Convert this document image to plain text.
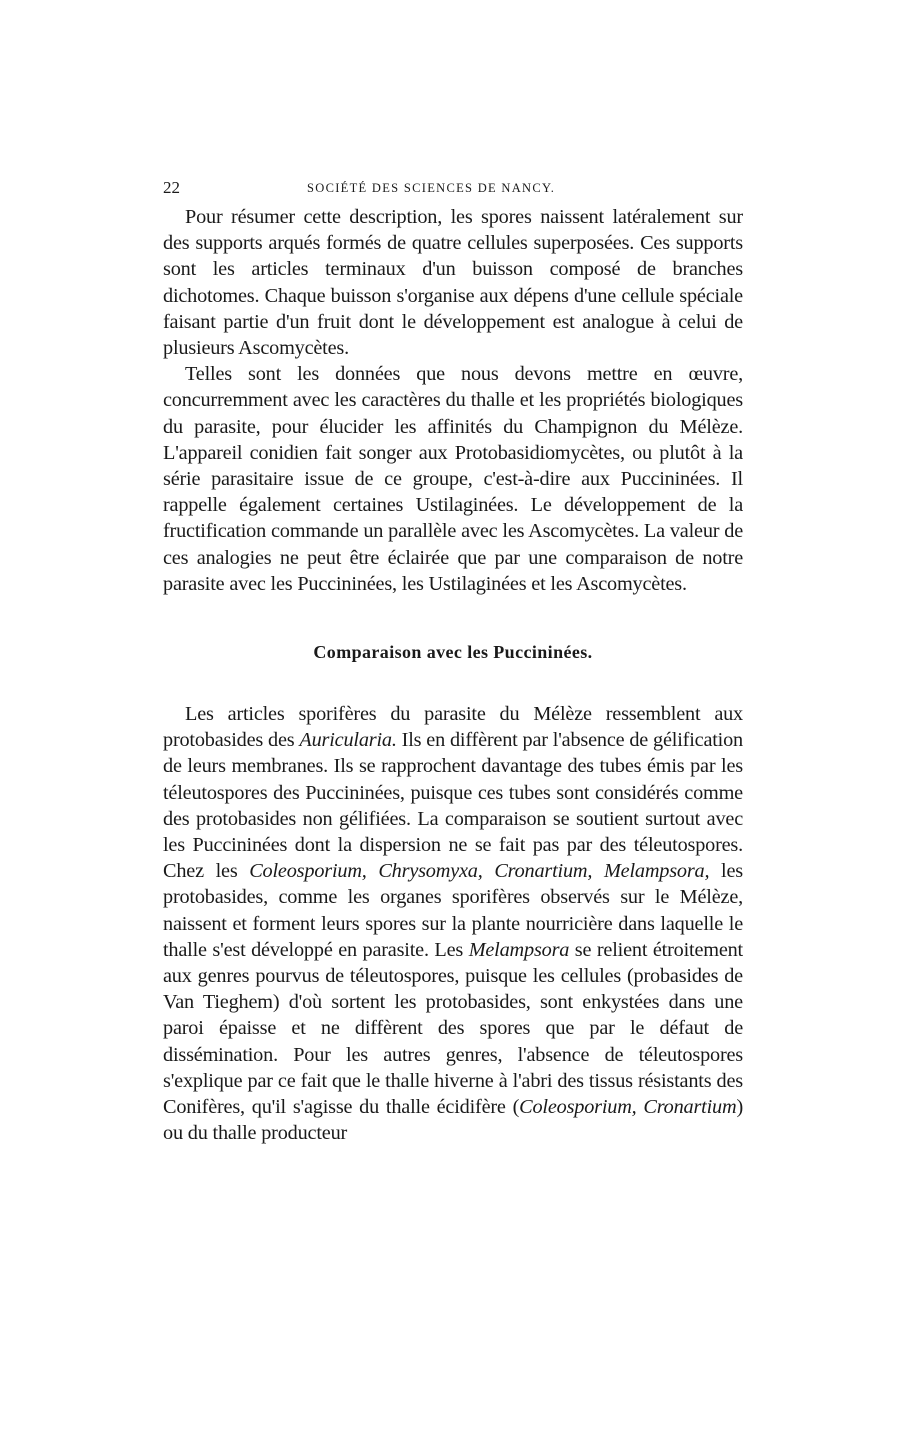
22	SOCIÉTÉ DES SCIENCES DE NANCY.

Pour résumer cette description, les spores naissent latéralement sur des supports arqués formés de quatre cellules superposées. Ces supports sont les articles terminaux d'un buisson composé de branches dichotomes. Chaque buisson s'organise aux dépens d'une cellule spéciale faisant partie d'un fruit dont le développement est analogue à celui de plusieurs Ascomycètes.

Telles sont les données que nous devons mettre en œuvre, concurremment avec les caractères du thalle et les propriétés biologiques du parasite, pour élucider les affinités du Champignon du Mélèze. L'appareil conidien fait songer aux Protobasidiomycètes, ou plutôt à la série parasitaire issue de ce groupe, c'est-à-dire aux Puccininées. Il rappelle également certaines Ustilaginées. Le développement de la fructification commande un parallèle avec les Ascomycètes. La valeur de ces analogies ne peut être éclairée que par une comparaison de notre parasite avec les Puccininées, les Ustilaginées et les Ascomycètes.

Comparaison avec les Puccininées.

Les articles sporifères du parasite du Mélèze ressemblent aux protobasides des Auricularia. Ils en diffèrent par l'absence de gélification de leurs membranes. Ils se rapprochent davantage des tubes émis par les téleutospores des Puccininées, puisque ces tubes sont considérés comme des protobasides non gélifiées. La comparaison se soutient surtout avec les Puccininées dont la dispersion ne se fait pas par des téleutospores. Chez les Coleosporium, Chrysomyxa, Cronartium, Melampsora, les protobasides, comme les organes sporifères observés sur le Mélèze, naissent et forment leurs spores sur la plante nourricière dans laquelle le thalle s'est développé en parasite. Les Melampsora se relient étroitement aux genres pourvus de téleutospores, puisque les cellules (probasides de Van Tieghem) d'où sortent les protobasides, sont enkystées dans une paroi épaisse et ne diffèrent des spores que par le défaut de dissémination. Pour les autres genres, l'absence de téleutospores s'explique par ce fait que le thalle hiverne à l'abri des tissus résistants des Conifères, qu'il s'agisse du thalle écidifère (Coleosporium, Cronartium) ou du thalle producteur
